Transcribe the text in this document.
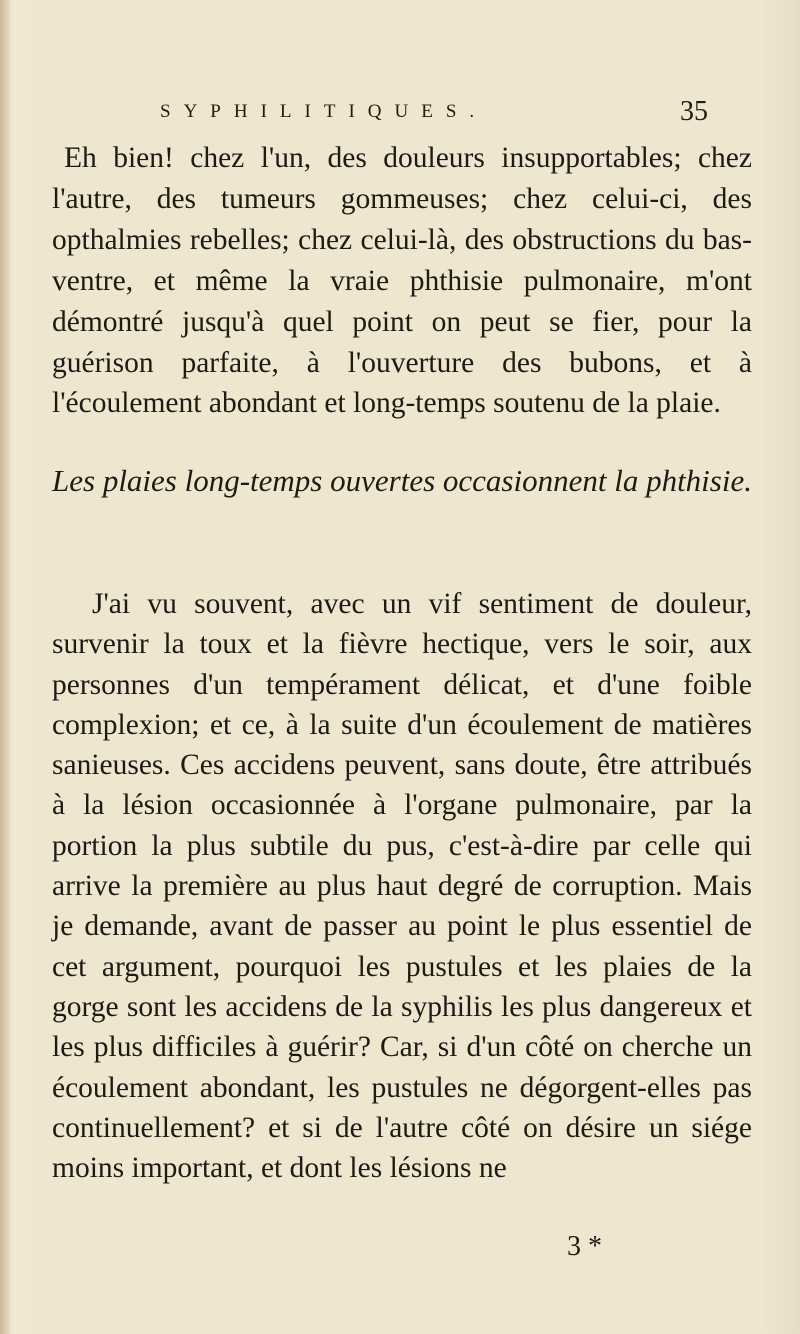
SYPHILITIQUES.	35

Eh bien! chez l'un, des douleurs insupportables; chez l'autre, des tumeurs gommeuses; chez celui-ci, des opthalmies rebelles; chez celui-là, des obstructions du bas-ventre, et même la vraie phthisie pulmonaire, m'ont démontré jusqu'à quel point on peut se fier, pour la guérison parfaite, à l'ouverture des bubons, et à l'écoulement abondant et long-temps soutenu de la plaie.

Les plaies long-temps ouvertes occasionnent la phthisie.

J'ai vu souvent, avec un vif sentiment de douleur, survenir la toux et la fièvre hectique, vers le soir, aux personnes d'un tempérament délicat, et d'une foible complexion; et ce, à la suite d'un écoulement de matières sanieuses. Ces accidens peuvent, sans doute, être attribués à la lésion occasionnée à l'organe pulmonaire, par la portion la plus subtile du pus, c'est-à-dire par celle qui arrive la première au plus haut degré de corruption. Mais je demande, avant de passer au point le plus essentiel de cet argument, pourquoi les pustules et les plaies de la gorge sont les accidens de la syphilis les plus dangereux et les plus difficiles à guérir? Car, si d'un côté on cherche un écoulement abondant, les pustules ne dégorgent-elles pas continuellement? et si de l'autre côté on désire un siége moins important, et dont les lésions ne

3 *
